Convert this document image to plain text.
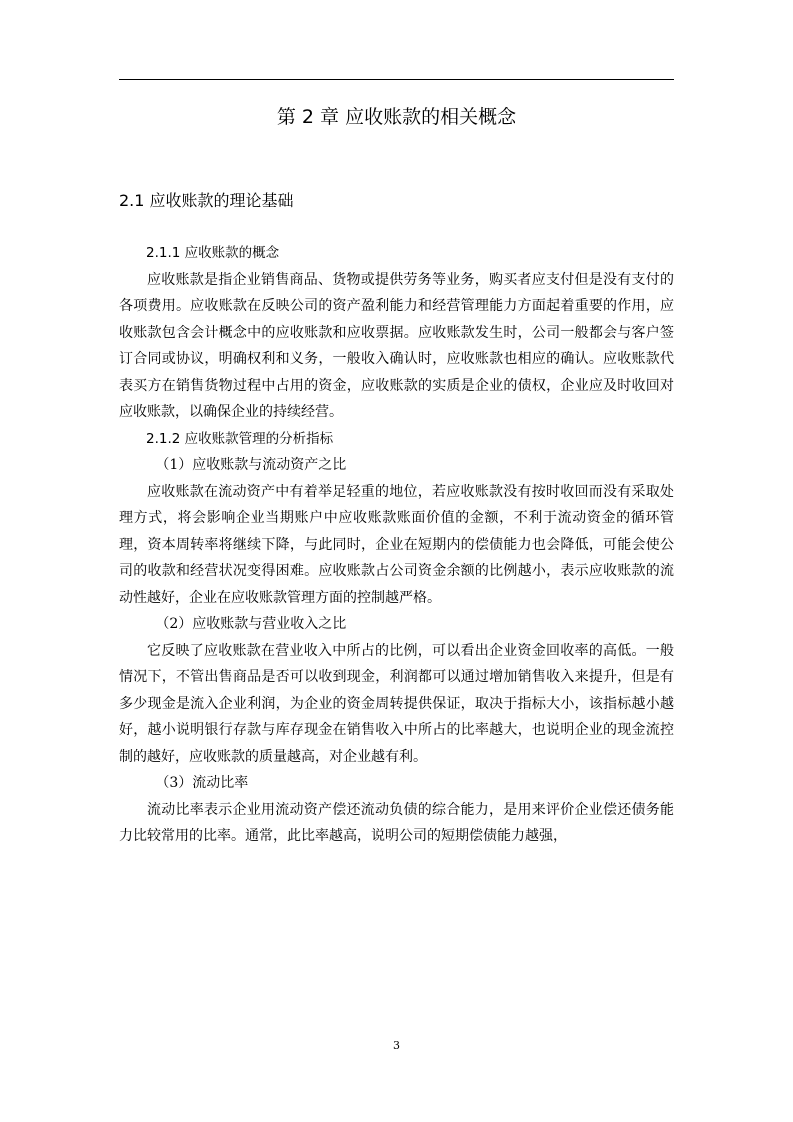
第 2 章 应收账款的相关概念
2.1 应收账款的理论基础

2.1.1 应收账款的概念

应收账款是指企业销售商品、货物或提供劳务等业务，购买者应支付但是没有支付的各项费用。应收账款在反映公司的资产盈利能力和经营管理能力方面起着重要的作用，应收账款包含会计概念中的应收账款和应收票据。应收账款发生时，公司一般都会与客户签订合同或协议，明确权利和义务，一般收入确认时，应收账款也相应的确认。应收账款代表买方在销售货物过程中占用的资金，应收账款的实质是企业的债权，企业应及时收回对应收账款，以确保企业的持续经营。

2.1.2 应收账款管理的分析指标

（1）应收账款与流动资产之比

应收账款在流动资产中有着举足轻重的地位，若应收账款没有按时收回而没有采取处理方式，将会影响企业当期账户中应收账款账面价值的金额，不利于流动资金的循环管理，资本周转率将继续下降，与此同时，企业在短期内的偿债能力也会降低，可能会使公司的收款和经营状况变得困难。应收账款占公司资金余额的比例越小，表示应收账款的流动性越好，企业在应收账款管理方面的控制越严格。

（2）应收账款与营业收入之比

它反映了应收账款在营业收入中所占的比例，可以看出企业资金回收率的高低。一般情况下，不管出售商品是否可以收到现金，利润都可以通过增加销售收入来提升，但是有多少现金是流入企业利润，为企业的资金周转提供保证，取决于指标大小，该指标越小越好，越小说明银行存款与库存现金在销售收入中所占的比率越大，也说明企业的现金流控制的越好，应收账款的质量越高，对企业越有利。

（3）流动比率

流动比率表示企业用流动资产偿还流动负债的综合能力，是用来评价企业偿还债务能力比较常用的比率。通常，此比率越高，说明公司的短期偿债能力越强，

3
